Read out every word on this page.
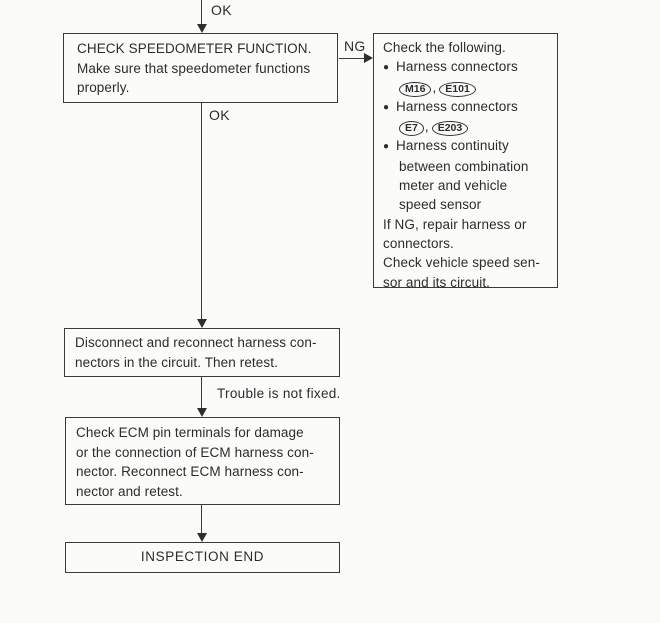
OK
CHECK SPEEDOMETER FUNCTION.
Make sure that speedometer functions
properly.
NG Check the following.
● Harness connectors
M16 , E101
● Harness connectors
E7 , E203
● Harness continuity
between combination
meter and vehicle
speed sensor
If NG, repair harness or
connectors.
Check vehicle speed sen-
sor and its circuit.
OK
Disconnect and reconnect harness con-
nectors in the circuit. Then retest.
Trouble is not fixed.
Check ECM pin terminals for damage
or the connection of ECM harness con-
nector. Reconnect ECM harness con-
nector and retest.
INSPECTION END
